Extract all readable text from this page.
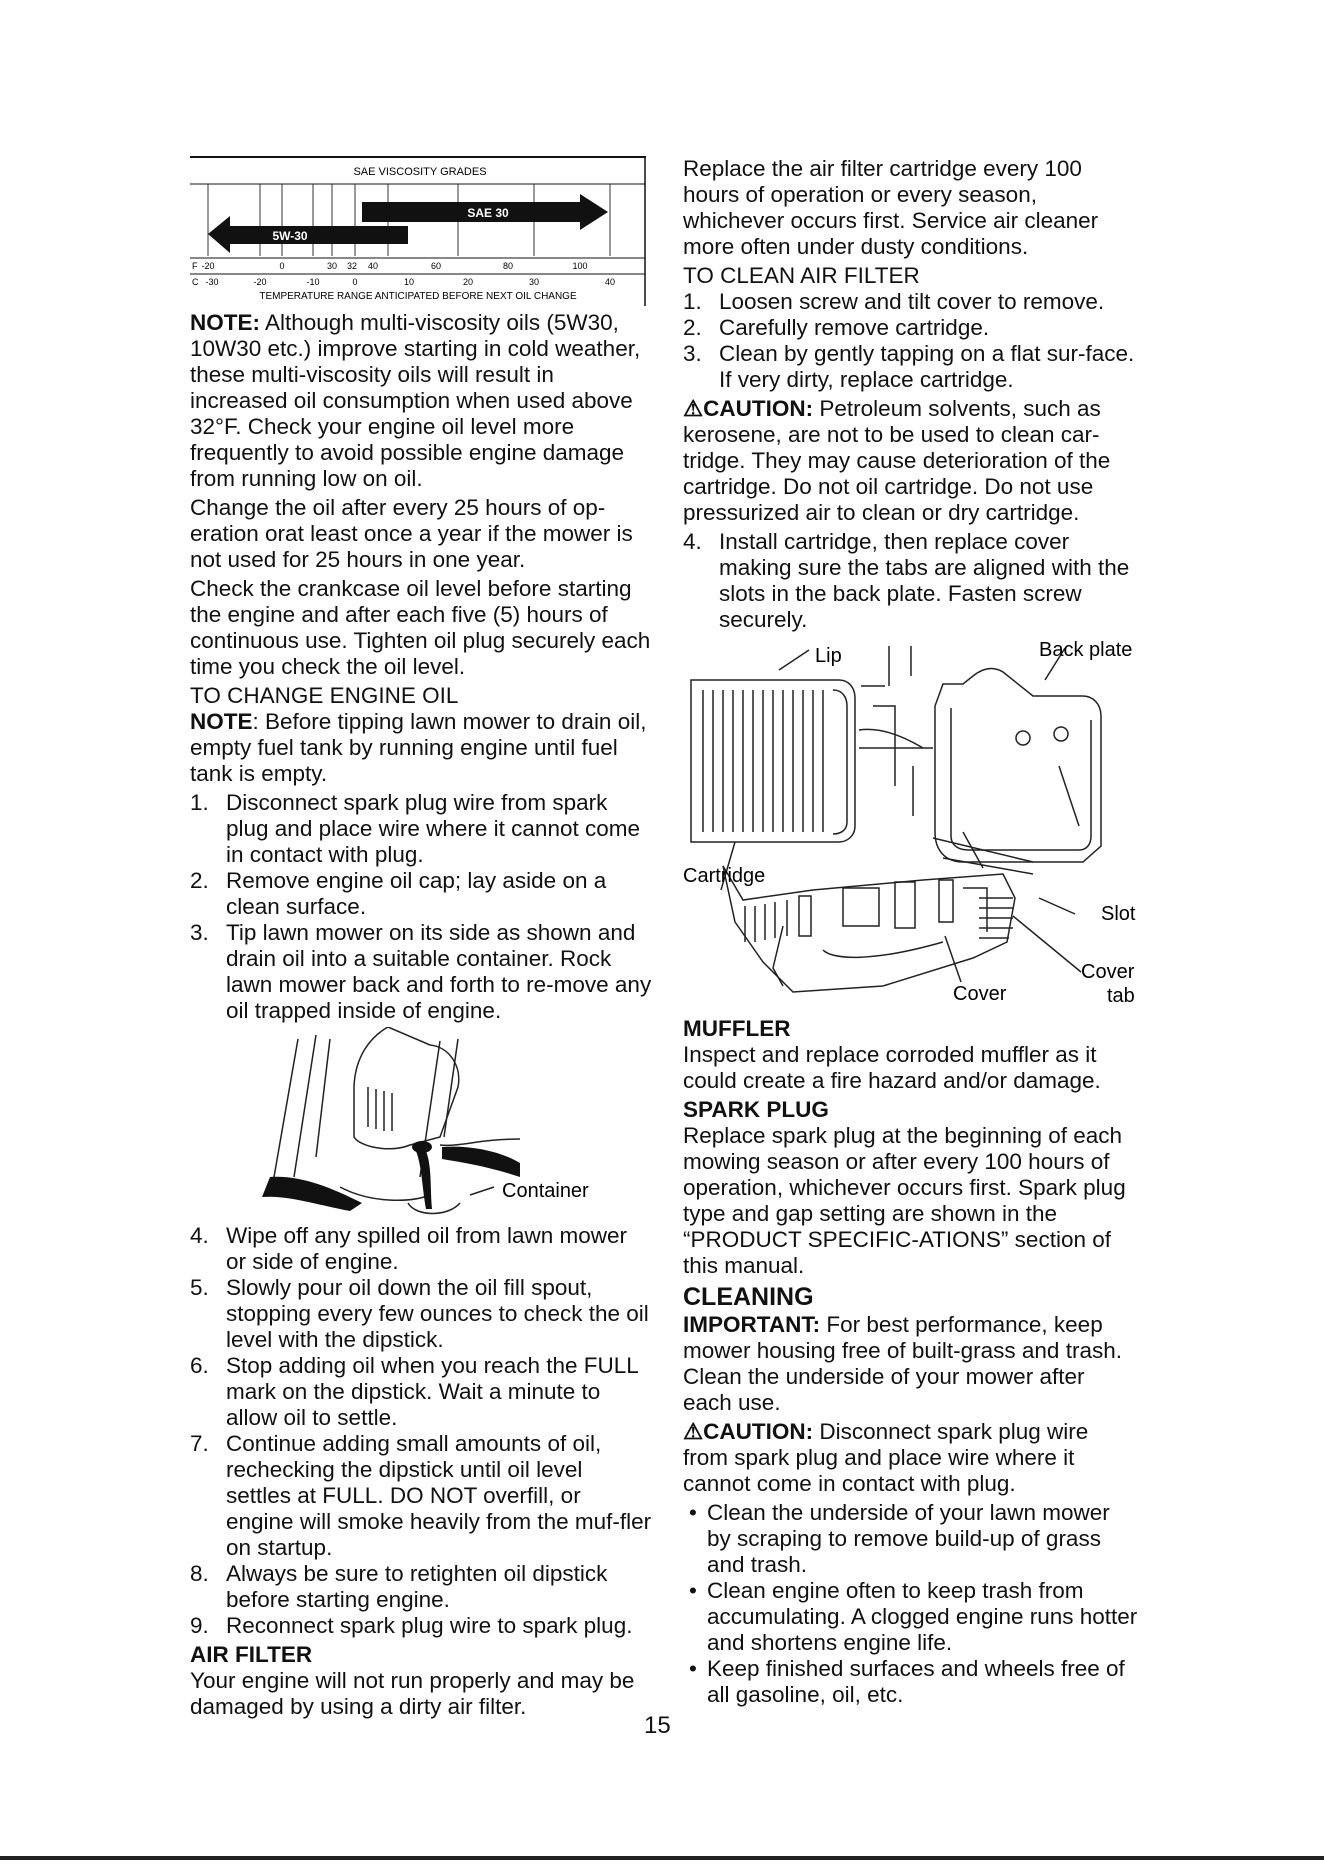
SAE VISCOSITY GRADES
SAE 30
5W-30
F -20	0	30 32 40	60	80	100
C -30	-20	-10	0	10	20	30	40
TEMPERATURE RANGE ANTICIPATED BEFORE NEXT OIL CHANGE

NOTE: Although multi-viscosity oils (5W30, 10W30 etc.) improve starting in cold weather, these multi-viscosity oils will result in increased oil consumption when used above 32°F. Check your engine oil level more frequently to avoid possible engine damage from running low on oil.

Change the oil after every 25 hours of op-eration orat least once a year if the mower is not used for 25 hours in one year.

Check the crankcase oil level before starting the engine and after each five (5) hours of continuous use. Tighten oil plug securely each time you check the oil level.

TO CHANGE ENGINE OIL

NOTE: Before tipping lawn mower to drain oil, empty fuel tank by running engine until fuel tank is empty.

1. Disconnect spark plug wire from spark plug and place wire where it cannot come in contact with plug.
2. Remove engine oil cap; lay aside on a clean surface.
3. Tip lawn mower on its side as shown and drain oil into a suitable container. Rock lawn mower back and forth to re-move any oil trapped inside of engine.
Container
4. Wipe off any spilled oil from lawn mower or side of engine.
5. Slowly pour oil down the oil fill spout, stopping every few ounces to check the oil level with the dipstick.
6. Stop adding oil when you reach the FULL mark on the dipstick. Wait a minute to allow oil to settle.
7. Continue adding small amounts of oil, rechecking the dipstick until oil level settles at FULL. DO NOT overfill, or engine will smoke heavily from the muf-fler on startup.
8. Always be sure to retighten oil dipstick before starting engine.
9. Reconnect spark plug wire to spark plug.
AIR FILTER

Your engine will not run properly and may be damaged by using a dirty air filter.

Replace the air filter cartridge every 100 hours of operation or every season, whichever occurs first. Service air cleaner more often under dusty conditions.

TO CLEAN AIR FILTER
1. Loosen screw and tilt cover to remove.
2. Carefully remove cartridge.
3. Clean by gently tapping on a flat sur-face. If very dirty, replace cartridge.

⚠CAUTION: Petroleum solvents, such as kerosene, are not to be used to clean car-tridge. They may cause deterioration of the cartridge. Do not oil cartridge. Do not use pressurized air to clean or dry cartridge.

4. Install cartridge, then replace cover making sure the tabs are aligned with the slots in the back plate. Fasten screw securely.
Lip	Back plate
Cartridge
Slot
Cover
Cover
tab
MUFFLER

Inspect and replace corroded muffler as it could create a fire hazard and/or damage.

SPARK PLUG

Replace spark plug at the beginning of each mowing season or after every 100 hours of operation, whichever occurs first. Spark plug type and gap setting are shown in the “PRODUCT SPECIFIC-ATIONS” section of this manual.

CLEANING

IMPORTANT: For best performance, keep mower housing free of built-grass and trash. Clean the underside of your mower after each use.

⚠CAUTION: Disconnect spark plug wire from spark plug and place wire where it cannot come in contact with plug.

• Clean the underside of your lawn mower by scraping to remove build-up of grass and trash.
• Clean engine often to keep trash from accumulating. A clogged engine runs hotter and shortens engine life.
• Keep finished surfaces and wheels free of all gasoline, oil, etc.
15
